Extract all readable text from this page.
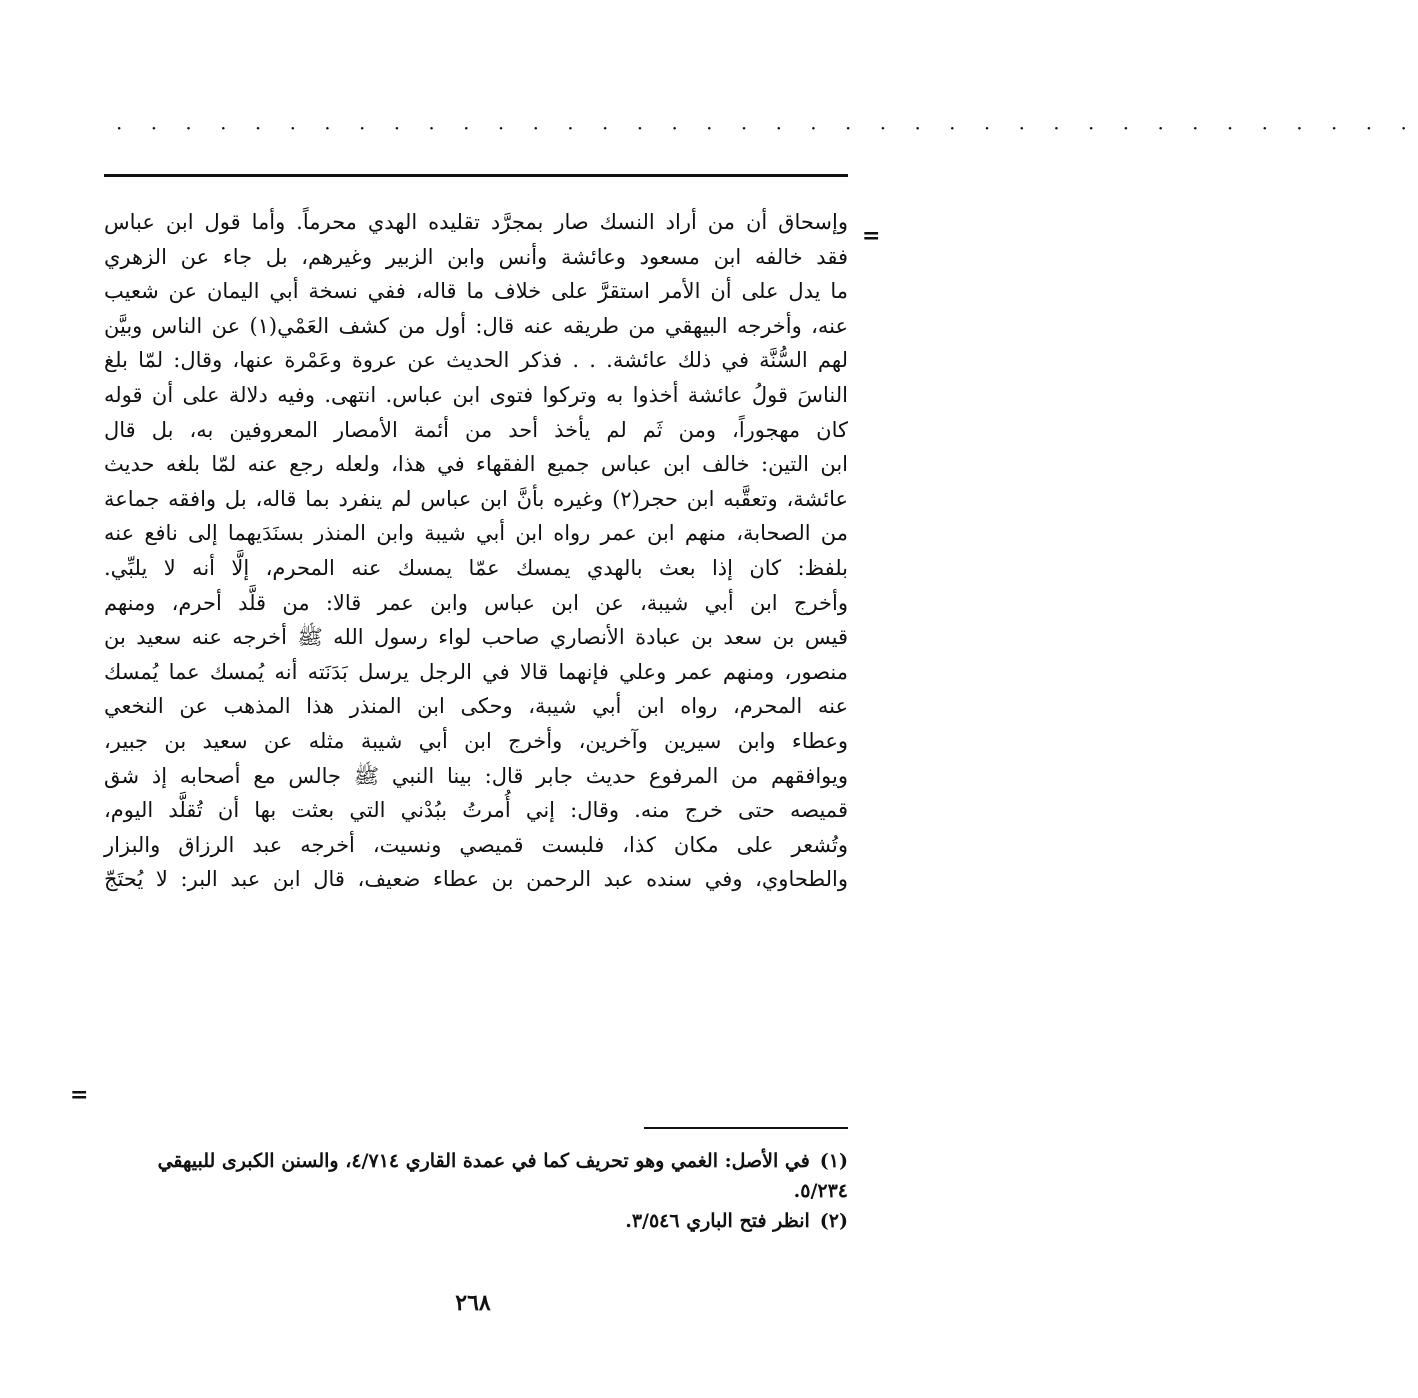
· · · · · · · · · · · · · · · · · · · · · · · · · · · · · · · · · · · · · ·
=
وإسحاق أن من أراد النسك صار بمجرَّد تقليده الهدي محرماً. وأما قول ابن عباس
فقد خالفه ابن مسعود وعائشة وأنس وابن الزبير وغيرهم، بل جاء عن الزهري
ما يدل على أن الأمر استقرَّ على خلاف ما قاله، ففي نسخة أبي اليمان عن شعيب
عنه، وأخرجه البيهقي من طريقه عنه قال: أول من كشف العَمْي(١) عن الناس وبيَّن
لهم السُّنَّة في ذلك عائشة. . . فذكر الحديث عن عروة وعَمْرة عنها، وقال: لمّا بلغ
الناسَ قولُ عائشة أخذوا به وتركوا فتوى ابن عباس. انتهى. وفيه دلالة على أن قوله
كان مهجوراً، ومن ثَم لم يأخذ أحد من أئمة الأمصار المعروفين به، بل قال
ابن التين: خالف ابن عباس جميع الفقهاء في هذا، ولعله رجع عنه لمّا بلغه حديث
عائشة، وتعقَّبه ابن حجر(٢) وغيره بأنَّ ابن عباس لم ينفرد بما قاله، بل وافقه جماعة
من الصحابة، منهم ابن عمر رواه ابن أبي شيبة وابن المنذر بسنَدَيهما إلى نافع عنه
بلفظ: كان إذا بعث بالهدي يمسك عمّا يمسك عنه المحرم، إلَّا أنه لا يلبِّي.
وأخرج ابن أبي شيبة، عن ابن عباس وابن عمر قالا: من قلَّد أحرم، ومنهم
قيس بن سعد بن عبادة الأنصاري صاحب لواء رسول الله ﷺ أخرجه عنه سعيد بن
منصور، ومنهم عمر وعلي فإنهما قالا في الرجل يرسل بَدَنَته أنه يُمسك عما يُمسك
عنه المحرم، رواه ابن أبي شيبة، وحكى ابن المنذر هذا المذهب عن النخعي
وعطاء وابن سيرين وآخرين، وأخرج ابن أبي شيبة مثله عن سعيد بن جبير،
ويوافقهم من المرفوع حديث جابر قال: بينا النبي ﷺ جالس مع أصحابه إذ شق
قميصه حتى خرج منه. وقال: إني أُمرتُ ببُدْني التي بعثت بها أن تُقلَّد اليوم،
وتُشعر على مكان كذا، فلبست قميصي ونسيت، أخرجه عبد الرزاق والبزار
والطحاوي، وفي سنده عبد الرحمن بن عطاء ضعيف، قال ابن عبد البر: لا يُحتَجّ
=
(١)في الأصل: الغمي وهو تحريف كما في عمدة القاري ٤/٧١٤، والسنن الكبرى للبيهقي ٥/٢٣٤.
(٢)انظر فتح الباري ٣/٥٤٦.
٢٦٨
